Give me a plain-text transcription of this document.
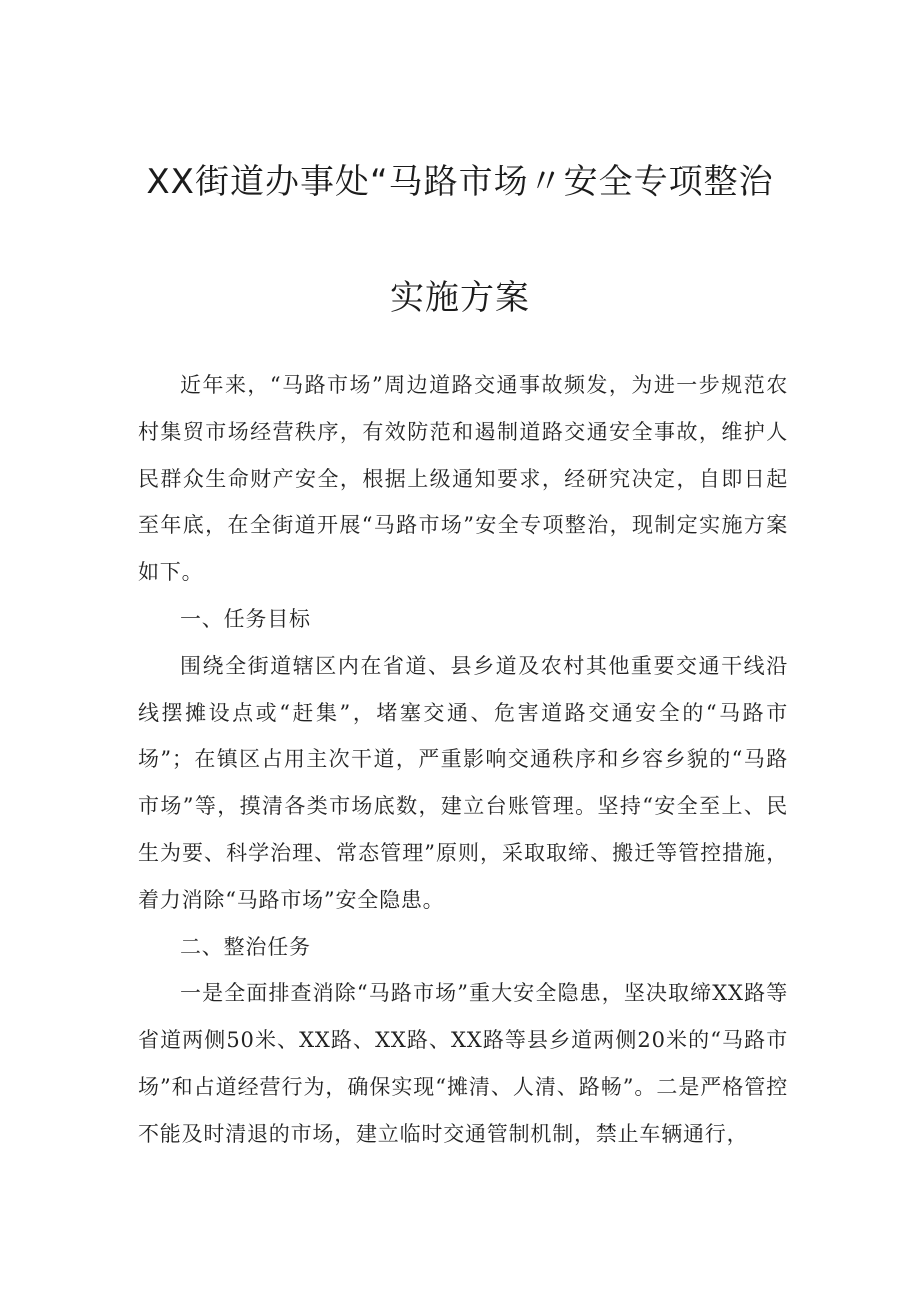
XX街道办事处“马路市场〃安全专项整治
实施方案

近年来，“马路市场”周边道路交通事故频发，为进一步规范农村集贸市场经营秩序，有效防范和遏制道路交通安全事故，维护人民群众生命财产安全，根据上级通知要求，经研究决定，自即日起至年底，在全街道开展“马路市场”安全专项整治，现制定实施方案如下。

一、任务目标

围绕全街道辖区内在省道、县乡道及农村其他重要交通干线沿线摆摊设点或“赶集”，堵塞交通、危害道路交通安全的“马路市场”；在镇区占用主次干道，严重影响交通秩序和乡容乡貌的“马路市场”等，摸清各类市场底数，建立台账管理。坚持“安全至上、民生为要、科学治理、常态管理”原则，采取取缔、搬迁等管控措施，着力消除“马路市场”安全隐患。

二、整治任务

一是全面排查消除“马路市场”重大安全隐患，坚决取缔XX路等省道两侧50米、XX路、XX路、XX路等县乡道两侧20米的“马路市场”和占道经营行为，确保实现“摊清、人清、路畅”。二是严格管控不能及时清退的市场，建立临时交通管制机制，禁止车辆通行，
